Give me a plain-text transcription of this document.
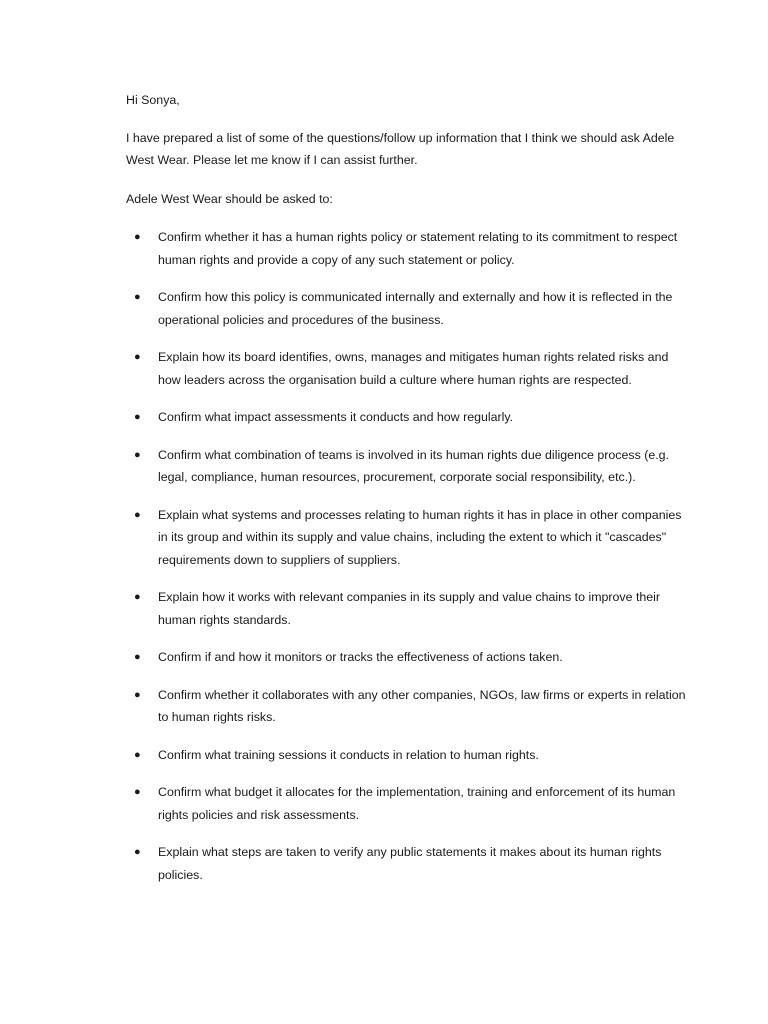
Hi Sonya,

I have prepared a list of some of the questions/follow up information that I think we should ask Adele West Wear. Please let me know if I can assist further.

Adele West Wear should be asked to:

● Confirm whether it has a human rights policy or statement relating to its commitment to respect human rights and provide a copy of any such statement or policy.
● Confirm how this policy is communicated internally and externally and how it is reflected in the operational policies and procedures of the business.
● Explain how its board identifies, owns, manages and mitigates human rights related risks and how leaders across the organisation build a culture where human rights are respected.
● Confirm what impact assessments it conducts and how regularly.
● Confirm what combination of teams is involved in its human rights due diligence process (e.g. legal, compliance, human resources, procurement, corporate social responsibility, etc.).
● Explain what systems and processes relating to human rights it has in place in other companies in its group and within its supply and value chains, including the extent to which it "cascades" requirements down to suppliers of suppliers.
● Explain how it works with relevant companies in its supply and value chains to improve their human rights standards.
● Confirm if and how it monitors or tracks the effectiveness of actions taken.
● Confirm whether it collaborates with any other companies, NGOs, law firms or experts in relation to human rights risks.
● Confirm what training sessions it conducts in relation to human rights.
● Confirm what budget it allocates for the implementation, training and enforcement of its human rights policies and risk assessments.
● Explain what steps are taken to verify any public statements it makes about its human rights policies.
